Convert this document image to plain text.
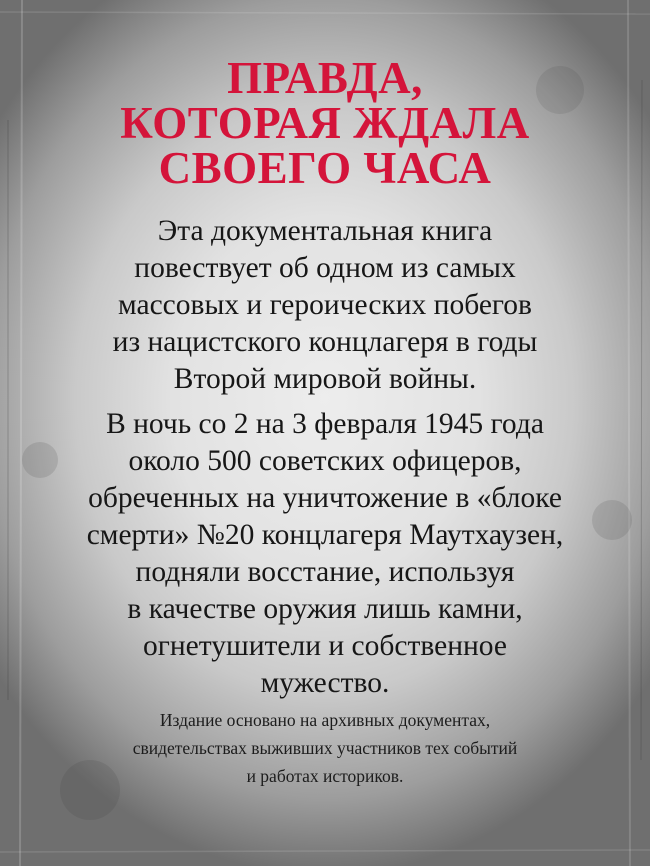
ПРАВДА,
КОТОРАЯ ЖДАЛА
СВОЕГО ЧАСА

Эта документальная книга
повествует об одном из самых
массовых и героических побегов
из нацистского концлагеря в годы
Второй мировой войны.

В ночь со 2 на 3 февраля 1945 года
около 500 советских офицеров,
обреченных на уничтожение в «блоке
смерти» №20 концлагеря Маутхаузен,
подняли восстание, используя
в качестве оружия лишь камни,
огнетушители и собственное
мужество.

Издание основано на архивных документах,
свидетельствах выживших участников тех событий
и работах историков.
